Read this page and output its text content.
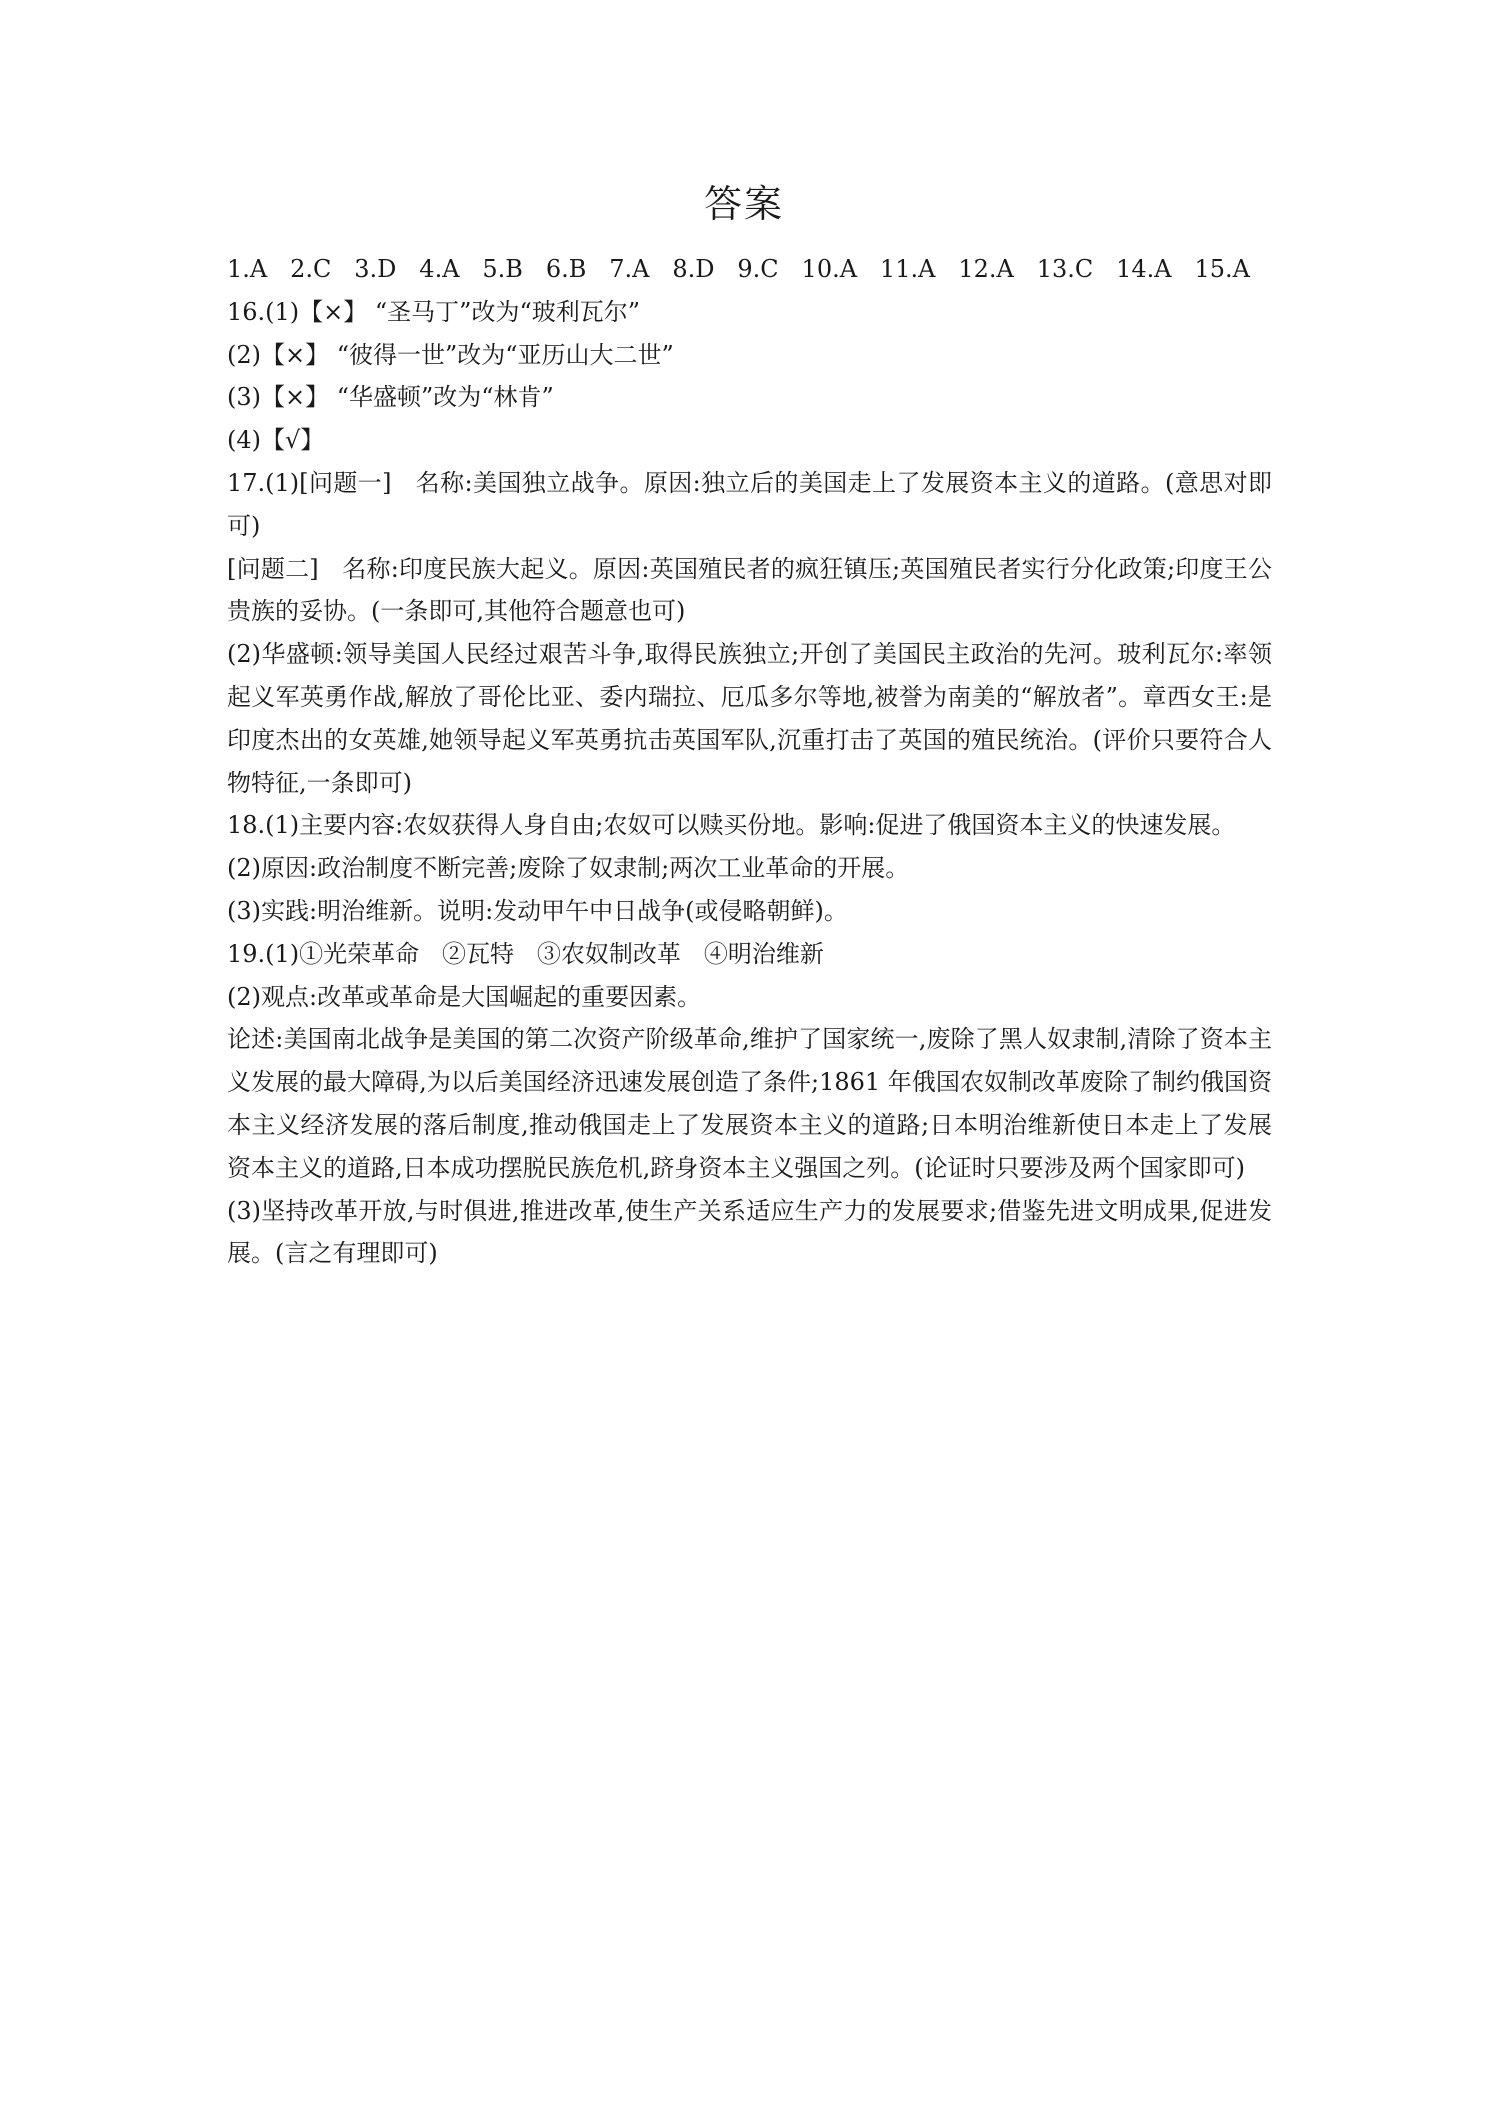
答案
1.A   2.C   3.D   4.A   5.B   6.B   7.A   8.D   9.C   10.A   11.A   12.A   13.C   14.A   15.A
16.(1)【×】 “圣马丁”改为“玻利瓦尔”
(2)【×】 “彼得一世”改为“亚历山大二世”
(3)【×】 “华盛顿”改为“林肯”
(4)【√】
17.(1)[问题一]   名称:美国独立战争。原因:独立后的美国走上了发展资本主义的道路。(意思对即可)
[问题二]   名称:印度民族大起义。原因:英国殖民者的疯狂镇压;英国殖民者实行分化政策;印度王公贵族的妥协。(一条即可,其他符合题意也可)
(2)华盛顿:领导美国人民经过艰苦斗争,取得民族独立;开创了美国民主政治的先河。玻利瓦尔:率领起义军英勇作战,解放了哥伦比亚、委内瑞拉、厄瓜多尔等地,被誉为南美的“解放者”。章西女王:是印度杰出的女英雄,她领导起义军英勇抗击英国军队,沉重打击了英国的殖民统治。(评价只要符合人物特征,一条即可)
18.(1)主要内容:农奴获得人身自由;农奴可以赎买份地。影响:促进了俄国资本主义的快速发展。
(2)原因:政治制度不断完善;废除了奴隶制;两次工业革命的开展。
(3)实践:明治维新。说明:发动甲午中日战争(或侵略朝鲜)。
19.(1)①光荣革命   ②瓦特   ③农奴制改革   ④明治维新
(2)观点:改革或革命是大国崛起的重要因素。
论述:美国南北战争是美国的第二次资产阶级革命,维护了国家统一,废除了黑人奴隶制,清除了资本主义发展的最大障碍,为以后美国经济迅速发展创造了条件;1861 年俄国农奴制改革废除了制约俄国资本主义经济发展的落后制度,推动俄国走上了发展资本主义的道路;日本明治维新使日本走上了发展资本主义的道路,日本成功摆脱民族危机,跻身资本主义强国之列。(论证时只要涉及两个国家即可)
(3)坚持改革开放,与时俱进,推进改革,使生产关系适应生产力的发展要求;借鉴先进文明成果,促进发展。(言之有理即可)
